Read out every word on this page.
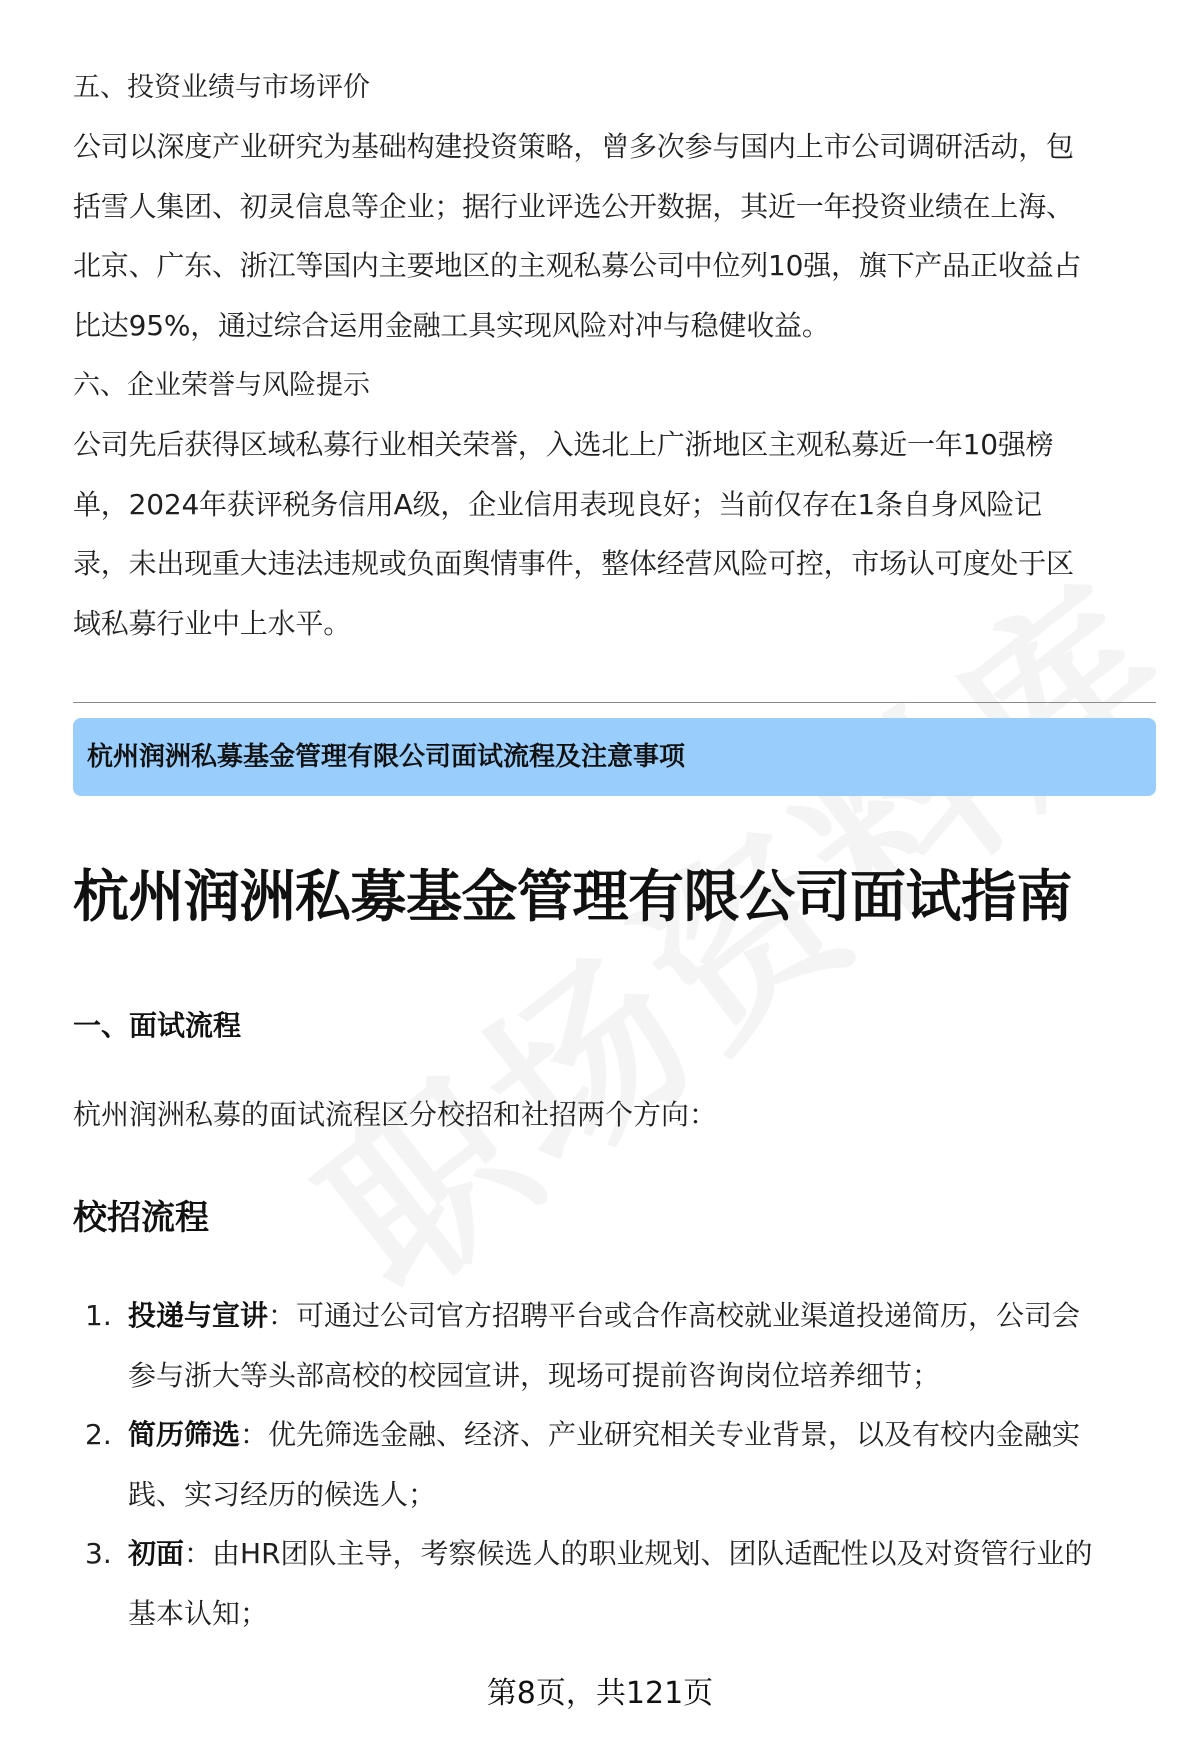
五、投资业绩与市场评价
公司以深度产业研究为基础构建投资策略，曾多次参与国内上市公司调研活动，包
括雪人集团、初灵信息等企业；据行业评选公开数据，其近一年投资业绩在上海、
北京、广东、浙江等国内主要地区的主观私募公司中位列10强，旗下产品正收益占
比达95%，通过综合运用金融工具实现风险对冲与稳健收益。
六、企业荣誉与风险提示
公司先后获得区域私募行业相关荣誉，入选北上广浙地区主观私募近一年10强榜
单，2024年获评税务信用A级，企业信用表现良好；当前仅存在1条自身风险记
录，未出现重大违法违规或负面舆情事件，整体经营风险可控，市场认可度处于区
域私募行业中上水平。
杭州润洲私募基金管理有限公司面试流程及注意事项
杭州润洲私募基金管理有限公司面试指南
一、面试流程
杭州润洲私募的面试流程区分校招和社招两个方向：
校招流程
1. 投递与宣讲：可通过公司官方招聘平台或合作高校就业渠道投递简历，公司会
参与浙大等头部高校的校园宣讲，现场可提前咨询岗位培养细节；
2. 简历筛选：优先筛选金融、经济、产业研究相关专业背景，以及有校内金融实
践、实习经历的候选人；
3. 初面：由HR团队主导，考察候选人的职业规划、团队适配性以及对资管行业的
基本认知；
第8页，共121页
